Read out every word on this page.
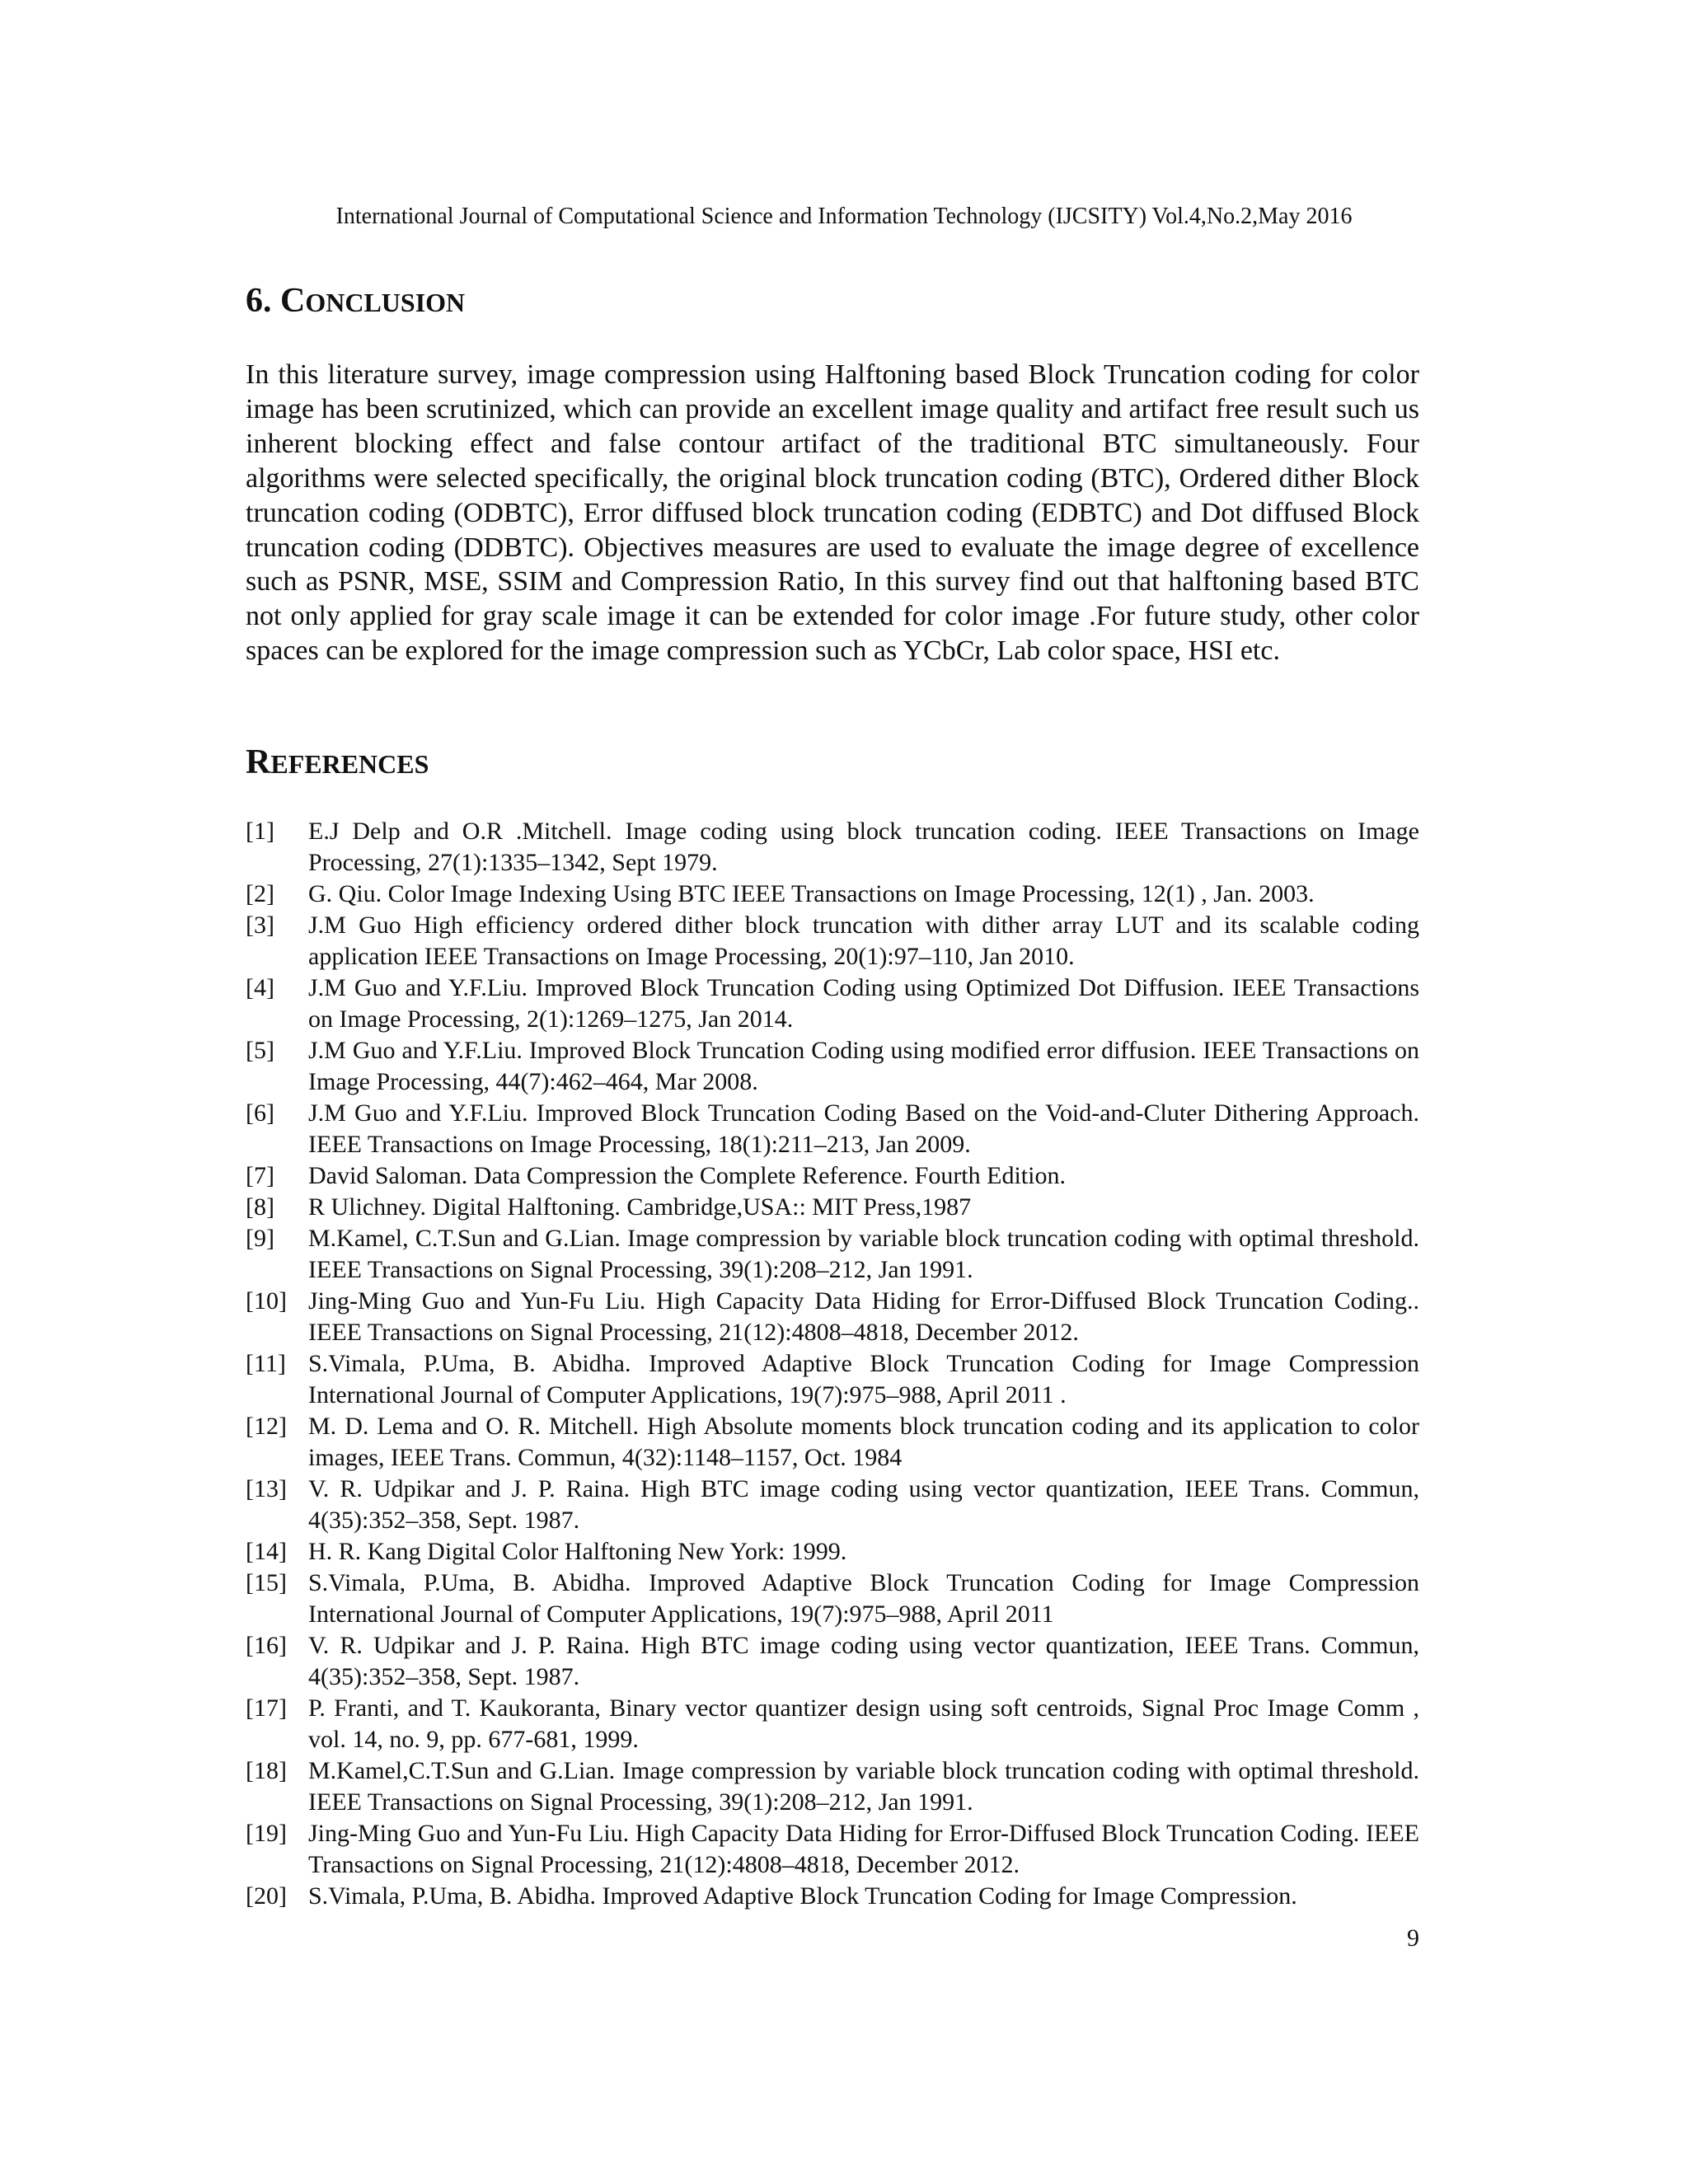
International Journal of Computational Science and Information Technology (IJCSITY) Vol.4,No.2,May 2016
6. CONCLUSION

In this literature survey, image compression using Halftoning based Block Truncation coding for color image has been scrutinized, which can provide an excellent image quality and artifact free result such us inherent blocking effect and false contour artifact of the traditional BTC simultaneously. Four algorithms were selected specifically, the original block truncation coding (BTC), Ordered dither Block truncation coding (ODBTC), Error diffused block truncation coding (EDBTC) and Dot diffused Block truncation coding (DDBTC). Objectives measures are used to evaluate the image degree of excellence such as PSNR, MSE, SSIM and Compression Ratio, In this survey find out that halftoning based BTC not only applied for gray scale image it can be extended for color image .For future study, other color spaces can be explored for the image compression such as YCbCr, Lab color space, HSI etc.

REFERENCES
[1] E.J Delp and O.R .Mitchell. Image coding using block truncation coding. IEEE Transactions on Image Processing, 27(1):1335–1342, Sept 1979.
[2] G. Qiu. Color Image Indexing Using BTC IEEE Transactions on Image Processing, 12(1) , Jan. 2003.
[3] J.M Guo High efficiency ordered dither block truncation with dither array LUT and its scalable coding application IEEE Transactions on Image Processing, 20(1):97–110, Jan 2010.
[4] J.M Guo and Y.F.Liu. Improved Block Truncation Coding using Optimized Dot Diffusion. IEEE Transactions on Image Processing, 2(1):1269–1275, Jan 2014.
[5] J.M Guo and Y.F.Liu. Improved Block Truncation Coding using modified error diffusion. IEEE Transactions on Image Processing, 44(7):462–464, Mar 2008.
[6] J.M Guo and Y.F.Liu. Improved Block Truncation Coding Based on the Void-and-Cluter Dithering Approach. IEEE Transactions on Image Processing, 18(1):211–213, Jan 2009.
[7] David Saloman. Data Compression the Complete Reference. Fourth Edition.
[8] R Ulichney. Digital Halftoning. Cambridge,USA:: MIT Press,1987
[9] M.Kamel, C.T.Sun and G.Lian. Image compression by variable block truncation coding with optimal threshold. IEEE Transactions on Signal Processing, 39(1):208–212, Jan 1991.
[10] Jing-Ming Guo and Yun-Fu Liu. High Capacity Data Hiding for Error-Diffused Block Truncation Coding.. IEEE Transactions on Signal Processing, 21(12):4808–4818, December 2012.
[11] S.Vimala, P.Uma, B. Abidha. Improved Adaptive Block Truncation Coding for Image Compression International Journal of Computer Applications, 19(7):975–988, April 2011 .
[12] M. D. Lema and O. R. Mitchell. High Absolute moments block truncation coding and its application to color images, IEEE Trans. Commun, 4(32):1148–1157, Oct. 1984
[13] V. R. Udpikar and J. P. Raina. High BTC image coding using vector quantization, IEEE Trans. Commun, 4(35):352–358, Sept. 1987.
[14] H. R. Kang Digital Color Halftoning New York: 1999.
[15] S.Vimala, P.Uma, B. Abidha. Improved Adaptive Block Truncation Coding for Image Compression International Journal of Computer Applications, 19(7):975–988, April 2011
[16] V. R. Udpikar and J. P. Raina. High BTC image coding using vector quantization, IEEE Trans. Commun, 4(35):352–358, Sept. 1987.
[17] P. Franti, and T. Kaukoranta, Binary vector quantizer design using soft centroids, Signal Proc Image Comm , vol. 14, no. 9, pp. 677-681, 1999.
[18] M.Kamel,C.T.Sun and G.Lian. Image compression by variable block truncation coding with optimal threshold. IEEE Transactions on Signal Processing, 39(1):208–212, Jan 1991.
[19] Jing-Ming Guo and Yun-Fu Liu. High Capacity Data Hiding for Error-Diffused Block Truncation Coding. IEEE Transactions on Signal Processing, 21(12):4808–4818, December 2012.
[20] S.Vimala, P.Uma, B. Abidha. Improved Adaptive Block Truncation Coding for Image Compression.
9
